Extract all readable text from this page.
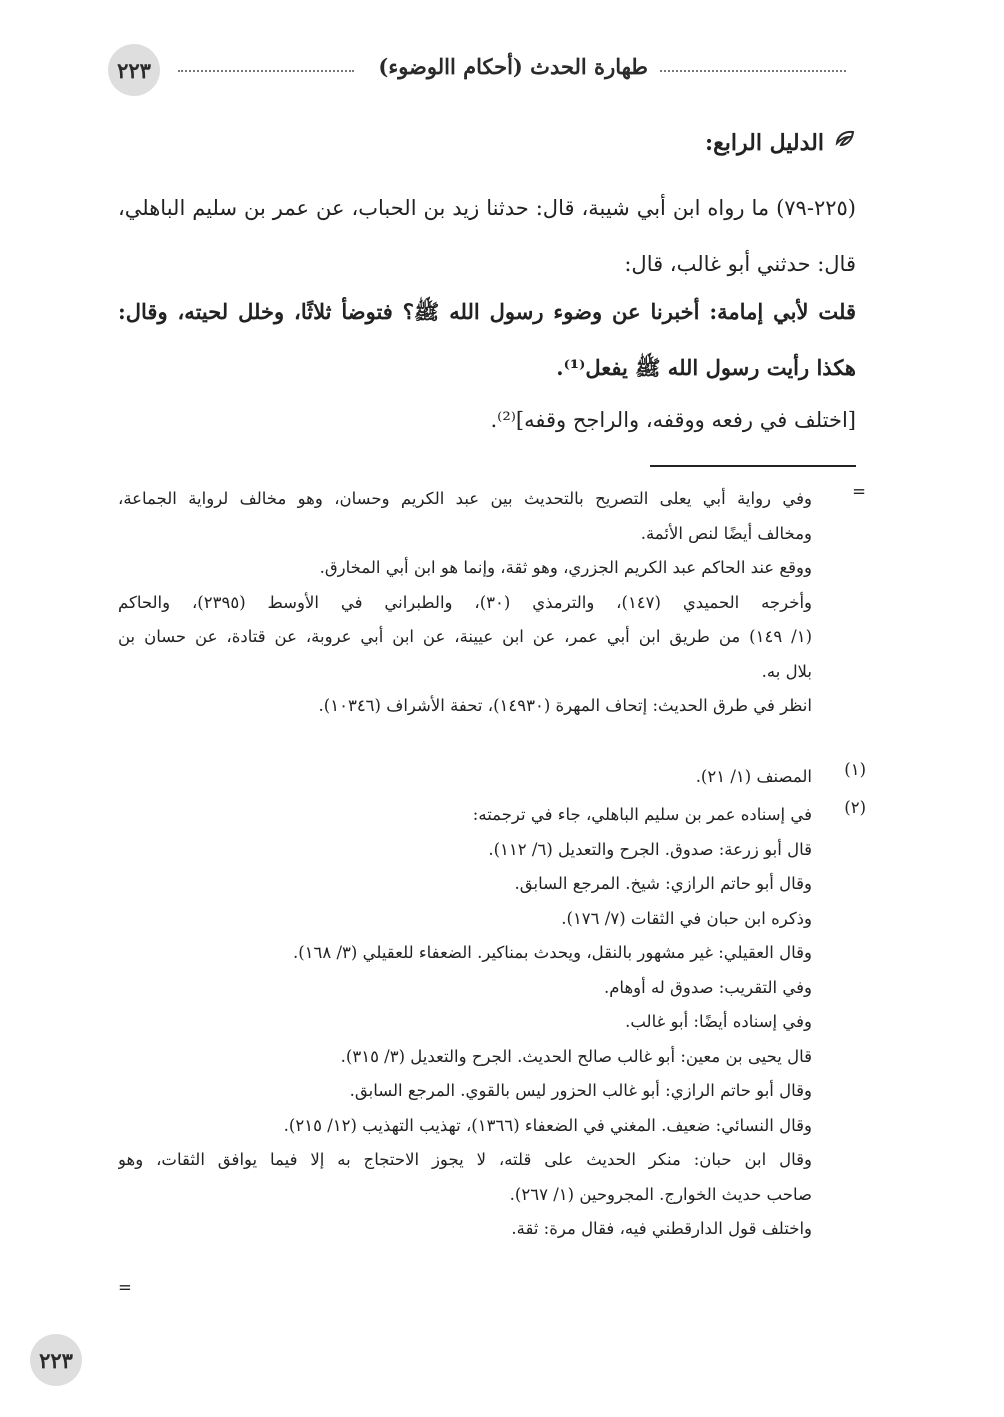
٢٢٣	طهارة الحدث (أحكام االوضوء)
الدليل الرابع:
(٢٢٥-٧٩) ما رواه ابن أبي شيبة، قال: حدثنا زيد بن الحباب، عن عمر بن سليم الباهلي، قال: حدثني أبو غالب، قال:
قلت لأبي إمامة: أخبرنا عن وضوء رسول الله ﷺ؟ فتوضأ ثلاثًا، وخلل لحيته، وقال: هكذا رأيت رسول الله ﷺ يفعل⁽¹⁾.
[اختلف في رفعه ووقفه، والراجح وقفه]⁽²⁾.
=
وفي رواية أبي يعلى التصريح بالتحديث بين عبد الكريم وحسان، وهو مخالف لرواية الجماعة،
ومخالف أيضًا لنص الأئمة.
ووقع عند الحاكم عبد الكريم الجزري، وهو ثقة، وإنما هو ابن أبي المخارق.
وأخرجه الحميدي (١٤٧)، والترمذي (٣٠)، والطبراني في الأوسط (٢٣٩٥)، والحاكم
(١/ ١٤٩) من طريق ابن أبي عمر، عن ابن عيينة، عن ابن أبي عروبة، عن قتادة، عن حسان بن
بلال به.
انظر في طرق الحديث: إتحاف المهرة (١٤٩٣٠)، تحفة الأشراف (١٠٣٤٦).
(١)
المصنف (١/ ٢١).
(٢)
في إسناده عمر بن سليم الباهلي، جاء في ترجمته:
قال أبو زرعة: صدوق. الجرح والتعديل (٦/ ١١٢).
وقال أبو حاتم الرازي: شيخ. المرجع السابق.
وذكره ابن حبان في الثقات (٧/ ١٧٦).
وقال العقيلي: غير مشهور بالنقل، ويحدث بمناكير. الضعفاء للعقيلي (٣/ ١٦٨).
وفي التقريب: صدوق له أوهام.
وفي إسناده أيضًا: أبو غالب.
قال يحيى بن معين: أبو غالب صالح الحديث. الجرح والتعديل (٣/ ٣١٥).
وقال أبو حاتم الرازي: أبو غالب الحزور ليس بالقوي. المرجع السابق.
وقال النسائي: ضعيف. المغني في الضعفاء (١٣٦٦)، تهذيب التهذيب (١٢/ ٢١٥).
وقال ابن حبان: منكر الحديث على قلته، لا يجوز الاحتجاج به إلا فيما يوافق الثقات، وهو
صاحب حديث الخوارج. المجروحين (١/ ٢٦٧).
واختلف قول الدارقطني فيه، فقال مرة: ثقة.
=
٢٢٣
